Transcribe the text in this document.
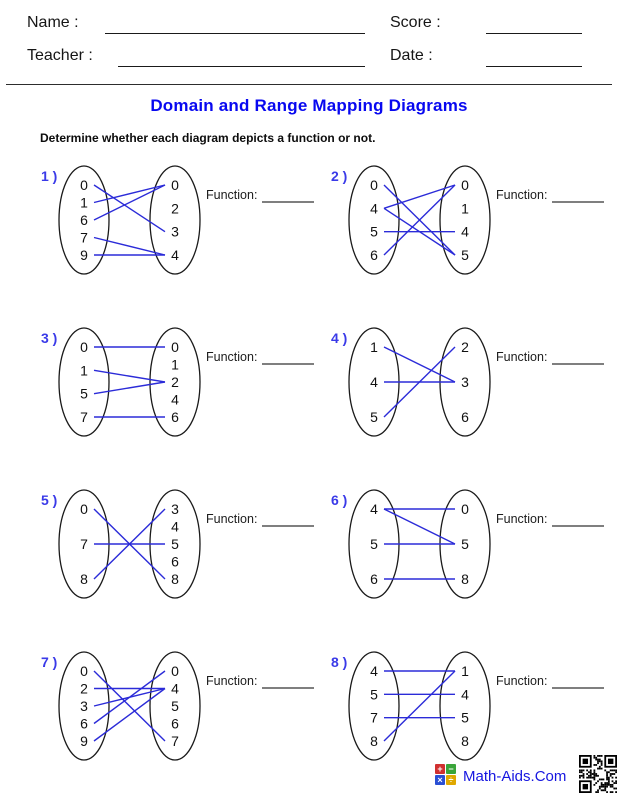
Name :	Score :
Teacher :	Date :
Domain and Range Mapping Diagrams
Determine whether each diagram depicts a function or not.
1 )
0
1
6
7
9
0
2
3
4
Function:
2 )
0
4
5
6
0
1
4
5
Function:
3 )
0
1
5
7
0
1
2
4
6
Function:
4 )
1
4
5
2
3
6
Function:
5 )
0
7
8
3
4
5
6
8
Function:
6 )
4
5
6
0
5
8
Function:
7 )
0
2
3
6
9
0
4
5
6
7
Function:
8 )
4
5
7
8
1
4
5
8
Function:
+ −
× ÷ Math-Aids.Com
